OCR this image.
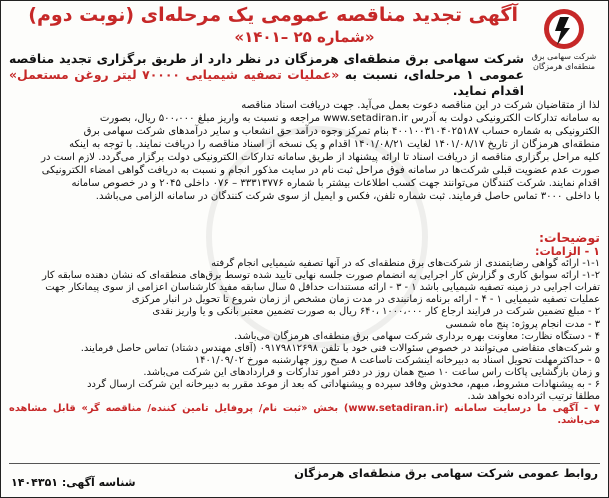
شرکت سهامی برق منطقه‌ای هرمزگان
آگهی تجدید مناقصه عمومی یک مرحله‌ای (نوبت دوم)
«شماره ۲۵ –۱۴۰۱»

شرکت سهامی برق منطقه‌ای هرمزگان در نظر دارد از طریق برگزاری تجدید مناقصه عمومی ۱ مرحله‌ای، نسبت به «عملیات تصفیه شیمیایی ۷۰۰۰۰ لیتر روغن مستعمل» اقدام نماید.

لذا از متقاضیان شرکت در این مناقصه دعوت بعمل می‌آید. جهت دریافت اسناد مناقصه
به سامانه تدارکات الکترونیکی دولت به آدرس www.setadiran.ir مراجعه و نسبت به واریز مبلغ ۵۰۰،۰۰۰ ریال، بصورت
الکترونیکی به شماره حساب ۴۰۰۱۰۰۳۱۰۴۰۲۵۱۸۷ بنام تمرکز وجوه درآمد حق انشعاب و سایر درآمدهای شرکت سهامی برق
منطقه‌ای هرمزگان از تاریخ ۱۴۰۱/۰۸/۱۷ لغایت ۱۴۰۱/۰۸/۲۱ اقدام و یک نسخه از اسناد مناقصه را دریافت نمایند. با توجه به اینکه
کلیه مراحل برگزاری مناقصه از دریافت اسناد تا ارائه پیشنهاد از طریق سامانه تدارکات الکترونیکی دولت برگزار می‌گردد. لازم است در
صورت عدم عضویت قبلی شرکت‌ها در سامانه فوق مراحل ثبت نام در سایت مذکور انجام و نسبت به دریافت گواهی امضاء الکترونیکی
اقدام نمایند. شرکت کنندگان می‌توانند جهت کسب اطلاعات بیشتر با شماره ۳۳۳۱۳۷۷۶ – ۰۷۶ داخلی ۲۰۴۵ و در خصوص سامانه
با داخلی ۳۰۰۰ تماس حاصل فرمایند. ثبت شماره تلفن، فکس و ایمیل از سوی شرکت کنندگان در سامانه الزامی می‌باشد.

توضیحات:

۱ - الزامات:

۱-۱- ارائه گواهی رضایتمندی از شرکت‌های برق منطقه‌ای که در آنها تصفیه شیمیایی انجام گرفته

۱-۲- ارائه سوابق کاری و گزارش کار اجرایی به انضمام صورت جلسه نهایی تایید شده توسط برق‌های منطقه‌ای که نشان دهنده سابقه کار

تفرات اجرایی در زمینه تصفیه شیمیایی باشد ۱ - ۳ - ارائه مستندات حداقل ۵ سال سابقه مفید کارشناسان اعزامی از سوی پیمانکار جهت

عملیات تصفیه شیمیایی ۱ - ۴ - ارائه برنامه زمانبندی در مدت زمان مشخص از زمان شروع تا تحویل در انبار مرکزی

۲ - مبلغ تضمین شرکت در فرایند ارجاع کار ۱۰۰۰،۰۰۰ ،۶۴۰ ریال به صورت تضمین معتبر بانکی و یا واریز نقدی

۳ - مدت انجام پروژه: پنج ماه شمسی

۴ - دستگاه نظارت: معاونت بهره برداری شرکت سهامی برق منطقه‌ای هرمزگان می‌باشد.

و شرکت‌های متقاضی می‌توانند در خصوص سئوالات فنی خود با تلفن ۰۹۱۷۹۸۱۲۶۹۸ (آقای مهندس دشتاد) تماس حاصل فرمایند.

۵ - حداکثرمهلت تحویل اسناد به دبیرخانه اینشرکت تاساعت ۸ صبح روز چهارشنبه مورخ ۱۴۰۱/۰۹/۰۲

و زمان بازگشایی پاکات راس ساعت ۱۰ صبح همان روز در دفتر امور تدارکات و قراردادهای این شرکت می‌باشد.

۶ - به پیشنهادات مشروط، مبهم، مخدوش وفاقد سپرده و پیشنهاداتی که بعد از موعد مقرر به دبیرخانه این شرکت ارسال گردد

مطلقا ترتیب اثرداده نخواهد شد.

۷ - آگهی ما درسایت سامانه (www.setadiran.ir) بخش «ثبت نام/ پروفایل تامین کننده/ مناقصه گر» قابل مشاهده می‌باشد.

روابط عمومی شرکت سهامی برق منطقه‌ای هرمزگان
شناسه آگهی: ۱۴۰۴۳۵۱
